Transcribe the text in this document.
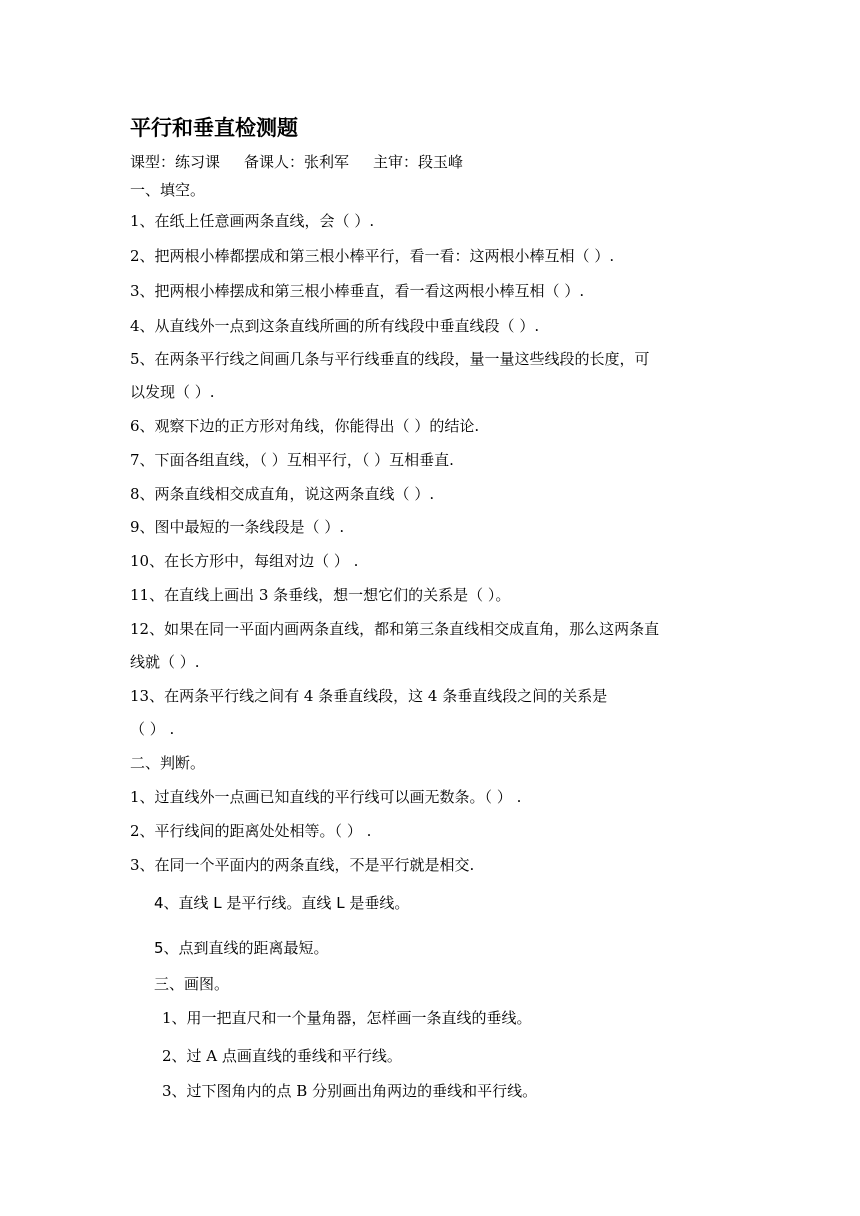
平行和垂直检测题
课型：练习课 备课人：张利军 主审：段玉峰
一、填空。
1、在纸上任意画两条直线，会（ ）.
2、把两根小棒都摆成和第三根小棒平行，看一看：这两根小棒互相（ ）.
3、把两根小棒摆成和第三根小棒垂直，看一看这两根小棒互相（ ）.
4、从直线外一点到这条直线所画的所有线段中垂直线段（ ）.
5、在两条平行线之间画几条与平行线垂直的线段，量一量这些线段的长度，可
以发现（ ）.
6、观察下边的正方形对角线，你能得出（ ）的结论.
7、下面各组直线，（ ）互相平行，（ ）互相垂直.
8、两条直线相交成直角，说这两条直线（ ）.
9、图中最短的一条线段是（ ）.
10、在长方形中，每组对边（ ） .
11、在直线上画出 3 条垂线，想一想它们的关系是（ ）。
12、如果在同一平面内画两条直线，都和第三条直线相交成直角，那么这两条直
线就（ ）.
13、在两条平行线之间有 4 条垂直线段，这 4 条垂直线段之间的关系是
（ ） .
二、判断。
1、过直线外一点画已知直线的平行线可以画无数条。（ ） .
2、平行线间的距离处处相等。（ ） .
3、在同一个平面内的两条直线，不是平行就是相交.
4、直线 L 是平行线。直线 L 是垂线。
5、点到直线的距离最短。
三、画图。
1、用一把直尺和一个量角器，怎样画一条直线的垂线。
2、过 A 点画直线的垂线和平行线。
3、过下图角内的点 B 分别画出角两边的垂线和平行线。
